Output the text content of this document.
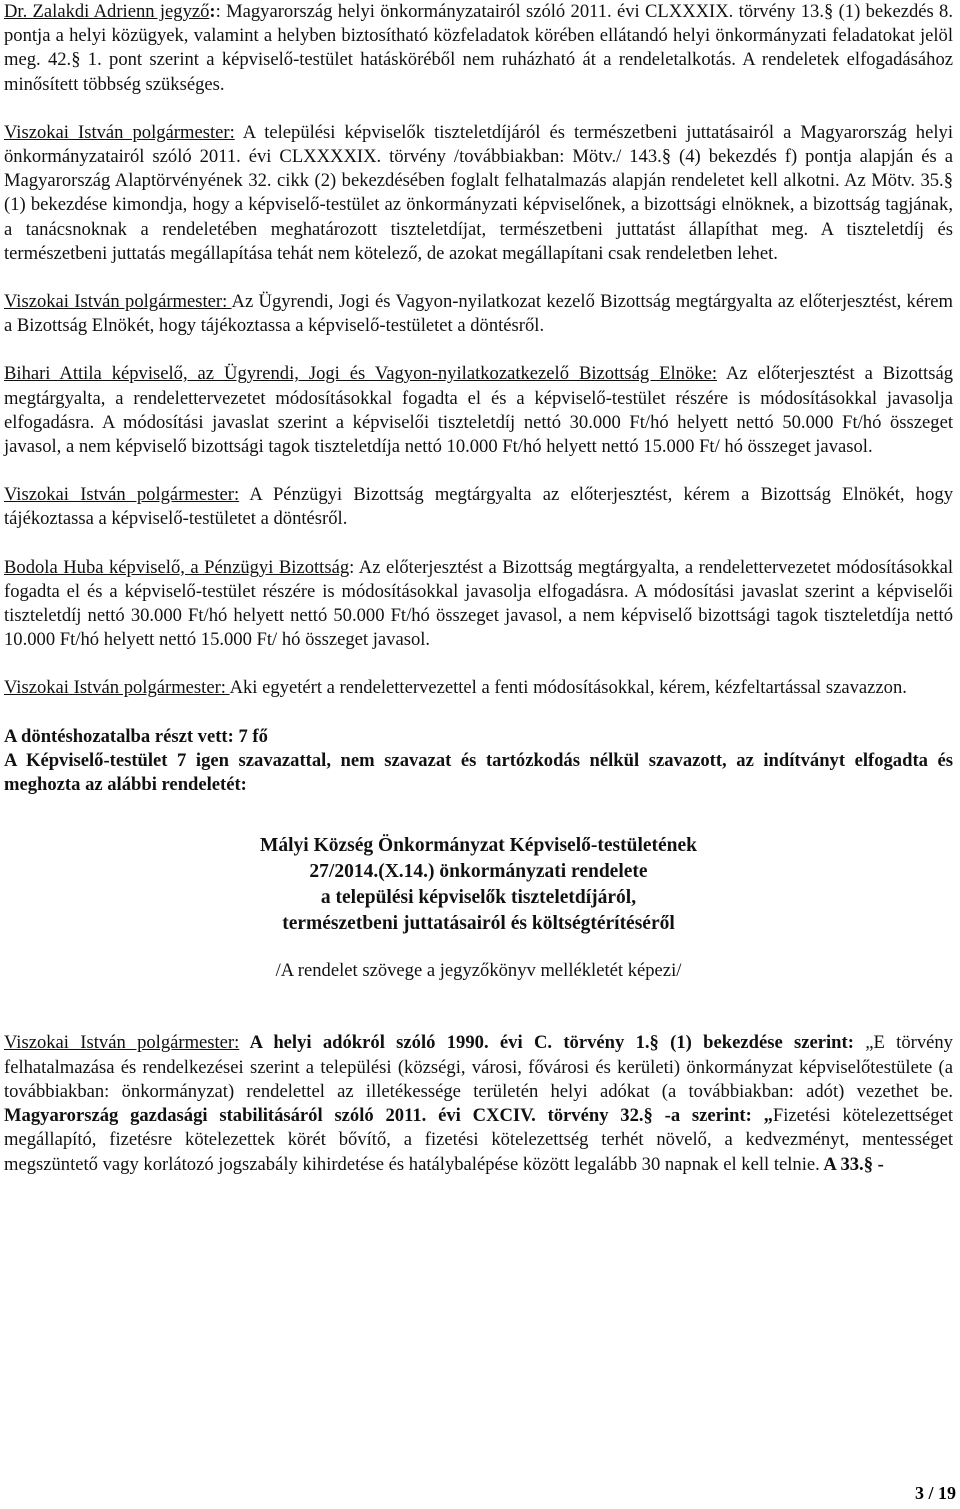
Dr. Zalakdi Adrienn jegyző:: Magyarország helyi önkormányzatairól szóló 2011. évi CLXXXIX. törvény 13.§ (1) bekezdés 8. pontja a helyi közügyek, valamint a helyben biztosítható közfeladatok körében ellátandó helyi önkormányzati feladatokat jelöl meg. 42.§ 1. pont szerint a képviselő-testület hatásköréből nem ruházható át a rendeletalkotás. A rendeletek elfogadásához minősített többség szükséges.

Viszokai István polgármester: A települési képviselők tiszteletdíjáról és természetbeni juttatásairól a Magyarország helyi önkormányzatairól szóló 2011. évi CLXXXXIX. törvény /továbbiakban: Mötv./ 143.§ (4) bekezdés f) pontja alapján és a Magyarország Alaptörvényének 32. cikk (2) bekezdésében foglalt felhatalmazás alapján rendeletet kell alkotni. Az Mötv. 35.§ (1) bekezdése kimondja, hogy a képviselő-testület az önkormányzati képviselőnek, a bizottsági elnöknek, a bizottság tagjának, a tanácsnoknak a rendeletében meghatározott tiszteletdíjat, természetbeni juttatást állapíthat meg. A tiszteletdíj és természetbeni juttatás megállapítása tehát nem kötelező, de azokat megállapítani csak rendeletben lehet.

Viszokai István polgármester: Az Ügyrendi, Jogi és Vagyon-nyilatkozat kezelő Bizottság megtárgyalta az előterjesztést, kérem a Bizottság Elnökét, hogy tájékoztassa a képviselő-testületet a döntésről.

Bihari Attila képviselő, az Ügyrendi, Jogi és Vagyon-nyilatkozatkezelő Bizottság Elnöke: Az előterjesztést a Bizottság megtárgyalta, a rendelettervezetet módosításokkal fogadta el és a képviselő-testület részére is módosításokkal javasolja elfogadásra. A módosítási javaslat szerint a képviselői tiszteletdíj nettó 30.000 Ft/hó helyett nettó 50.000 Ft/hó összeget javasol, a nem képviselő bizottsági tagok tiszteletdíja nettó 10.000 Ft/hó helyett nettó 15.000 Ft/ hó összeget javasol.

Viszokai István polgármester: A Pénzügyi Bizottság megtárgyalta az előterjesztést, kérem a Bizottság Elnökét, hogy tájékoztassa a képviselő-testületet a döntésről.

Bodola Huba képviselő, a Pénzügyi Bizottság: Az előterjesztést a Bizottság megtárgyalta, a rendelettervezetet módosításokkal fogadta el és a képviselő-testület részére is módosításokkal javasolja elfogadásra. A módosítási javaslat szerint a képviselői tiszteletdíj nettó 30.000 Ft/hó helyett nettó 50.000 Ft/hó összeget javasol, a nem képviselő bizottsági tagok tiszteletdíja nettó 10.000 Ft/hó helyett nettó 15.000 Ft/ hó összeget javasol.

Viszokai István polgármester: Aki egyetért a rendelettervezettel a fenti módosításokkal, kérem, kézfeltartással szavazzon.

A döntéshozatalba részt vett: 7 fő

A Képviselő-testület 7 igen szavazattal, nem szavazat és tartózkodás nélkül szavazott, az indítványt elfogadta és meghozta az alábbi rendeletét:

Mályi Község Önkormányzat Képviselő-testületének

27/2014.(X.14.) önkormányzati rendelete

a települési képviselők tiszteletdíjáról,

természetbeni juttatásairól és költségtérítéséről

/A rendelet szövege a jegyzőkönyv mellékletét képezi/

Viszokai István polgármester: A helyi adókról szóló 1990. évi C. törvény 1.§ (1) bekezdése szerint: „E törvény felhatalmazása és rendelkezései szerint a települési (községi, városi, fővárosi és kerületi) önkormányzat képviselőtestülete (a továbbiakban: önkormányzat) rendelettel az illetékessége területén helyi adókat (a továbbiakban: adót) vezethet be. Magyarország gazdasági stabilitásáról szóló 2011. évi CXCIV. törvény 32.§ -a szerint: „Fizetési kötelezettséget megállapító, fizetésre kötelezettek körét bővítő, a fizetési kötelezettség terhét növelő, a kedvezményt, mentességet megszüntető vagy korlátozó jogszabály kihirdetése és hatálybalépése között legalább 30 napnak el kell telnie. A 33.§ -

3 / 19
